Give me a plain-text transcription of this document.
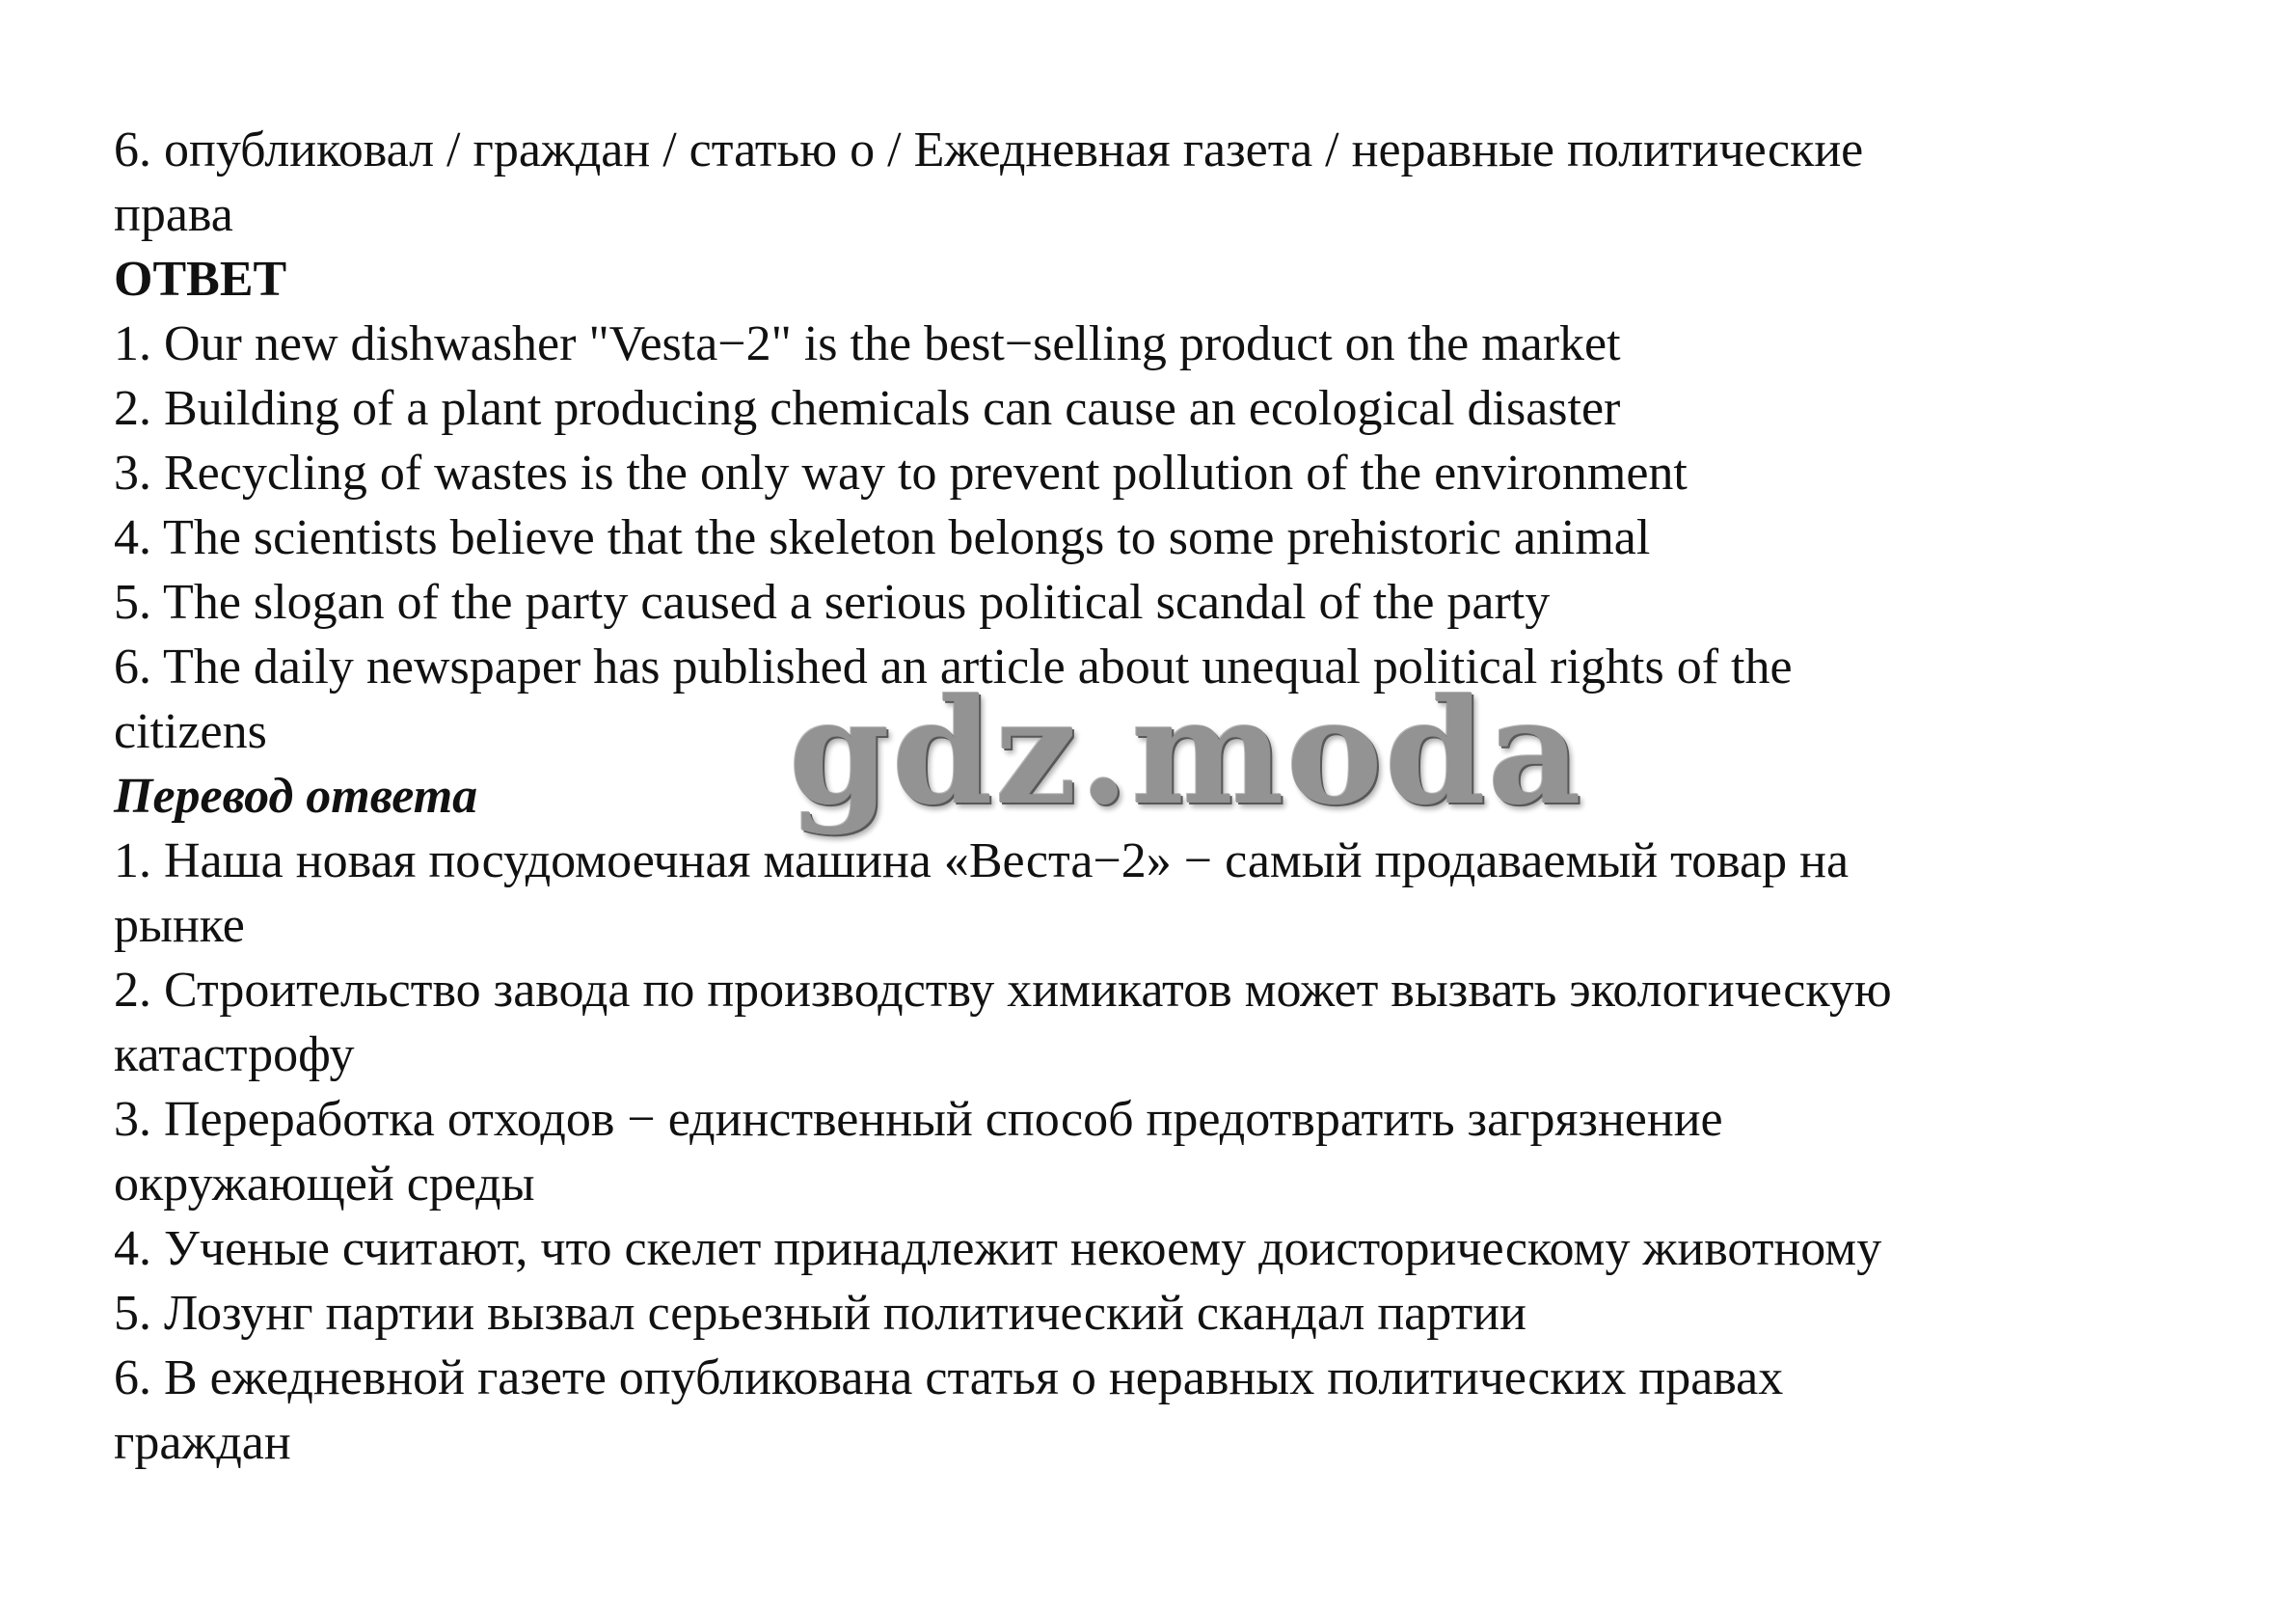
6. опубликовал / граждан / статью о / Ежедневная газета / неравные политические
права
ОТВЕТ
1. Our new dishwasher "Vesta−2" is the best−selling product on the market
2. Building of a plant producing chemicals can cause an ecological disaster
3. Recycling of wastes is the only way to prevent pollution of the environment
4. The scientists believe that the skeleton belongs to some prehistoric animal
5. The slogan of the party caused a serious political scandal of the party
6. The daily newspaper has published an article about unequal political rights of the
citizens
Перевод ответа
1. Наша новая посудомоечная машина «Веста−2» − самый продаваемый товар на
рынке
2. Строительство завода по производству химикатов может вызвать экологическую
катастрофу
3. Переработка отходов − единственный способ предотвратить загрязнение
окружающей среды
4. Ученые считают, что скелет принадлежит некоему доисторическому животному
5. Лозунг партии вызвал серьезный политический скандал партии
6. В ежедневной газете опубликована статья о неравных политических правах
граждан
gdz.moda
